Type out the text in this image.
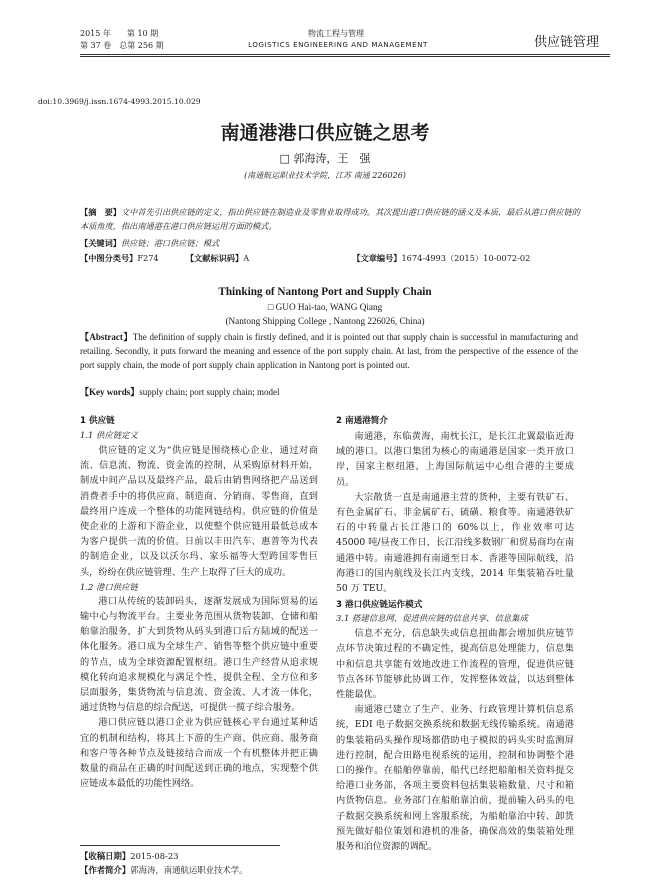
2015 年　　第 10 期
第 37 卷　总第 256 期
物流工程与管理
LOGISTICS ENGINEERING AND MANAGEMENT	供应链管理
doi:10.3969/j.issn.1674-4993.2015.10.029
南通港港口供应链之思考
□ 郭海涛，王　强
(南通航运职业技术学院，江苏 南通 226026)
【摘　要】文中首先引出供应链的定义，指出供应链在制造业及零售业取得成功。其次提出港口供应链的涵义及本质，最后从港口供应链的本质角度，指出南通港在港口供应链运用方面的模式。
【关键词】供应链；港口供应链；模式
【中图分类号】F274	【文献标识码】A	【文章编号】1674-4993（2015）10-0072-02
Thinking of Nantong Port and Supply Chain
□ GUO Hai-tao, WANG Qiang
(Nantong Shipping College , Nantong 226026, China)
【Abstract】The definition of supply chain is firstly defined, and it is pointed out that supply chain is successful in manufacturing and retailing. Secondly, it puts forward the meaning and essence of the port supply chain. At last, from the perspective of the essence of the port supply chain, the mode of port supply chain application in Nantong port is pointed out.
【Key words】supply chain; port supply chain; model
1 供应链
1.1 供应链定义

供应链的定义为“供应链是围绕核心企业，通过对商流、信息流、物流、资金流的控制，从采购原材料开始，制成中间产品以及最终产品，最后由销售网络把产品送到消费者手中的将供应商、制造商、分销商、零售商，直到最终用户连成一个整体的功能网链结构。供应链的价值是使企业的上游和下游企业，以使整个供应链用最低总成本为客户提供一流的价值。日前以丰田汽车、惠普等为代表的制造企业，以及以沃尔玛、家乐福等大型跨国零售巨头，纷纷在供应链管理、生产上取得了巨大的成功。

1.2 港口供应链

港口从传统的装卸码头，逐渐发展成为国际贸易的运输中心与物流平台。主要业务范围从货物装卸、仓储和船舶靠泊服务，扩大到货物从码头到港口后方陆域的配送一体化服务。港口成为全球生产、销售等整个供应链中重要的节点，成为全球资源配置枢纽。港口生产经营从追求规模化转向追求规模化与满足个性，提供全程、全方位和多层面服务，集货物流与信息流、资金流、人才流一体化，通过货物与信息的综合配送，可提供一揽子综合服务。

港口供应链以港口企业为供应链核心平台通过某种适宜的机制和结构，将其上下游的生产商、供应商、服务商和客户等各种节点及链接结合而成一个有机整体并把正确数量的商品在正确的时间配送到正确的地点，实现整个供应链成本最低的功能性网络。

2 南通港简介

南通港，东临黄海，南枕长江，是长江北翼最临近海域的港口。以港口集团为核心的南通港是国家一类开放口岸，国家主枢纽港，上海国际航运中心组合港的主要成员。

大宗散货一直是南通港主营的货种，主要有铁矿石、有色金属矿石、非金属矿石、硫磺、粮食等。南通港铁矿石的中转量占长江港口的 60%以上，作业效率可达 45000 吨/昼夜工作日，长江沿线多数钢厂和贸易商均在南通港中转。南通港拥有南通至日本、香港等国际航线，沿海港口的国内航线及长江内支线，2014 年集装箱吞吐量 50 万 TEU。

3 港口供应链运作模式
3.1 搭建信息网，促进供应链的信息共享、信息集成

信息不充分，信息缺失或信息扭曲都会增加供应链节点环节决策过程的不确定性，提高信息处理能力，信息集中和信息共享能有效地改进工作流程的管理，促进供应链节点各环节能够此协调工作，发挥整体效益，以达到整体性能最优。

南通港已建立了生产、业务、行政管理计算机信息系统，EDI 电子数据交换系统和数据无线传输系统。南通港的集装箱码头操作现场都借助电子模拟的码头实时监测屏进行控制，配合田路电视系统的运用，控制和协调整个港口的操作。在船舶停靠前，船代已经把船舶相关资料提交给港口业务部，各项主要资料包括集装箱数量、尺寸和箱内货物信息。业务部门在船舶靠泊前，提前输入码头的电子数据交换系统和网上客服系统，为船舶靠泊中转、卸货预先做好船位策划和港机的准备，确保高效的集装箱处理服务和泊位资源的调配。

【收稿日期】2015-08-23
【作者简介】郭海涛，南通航运职业技术学。
